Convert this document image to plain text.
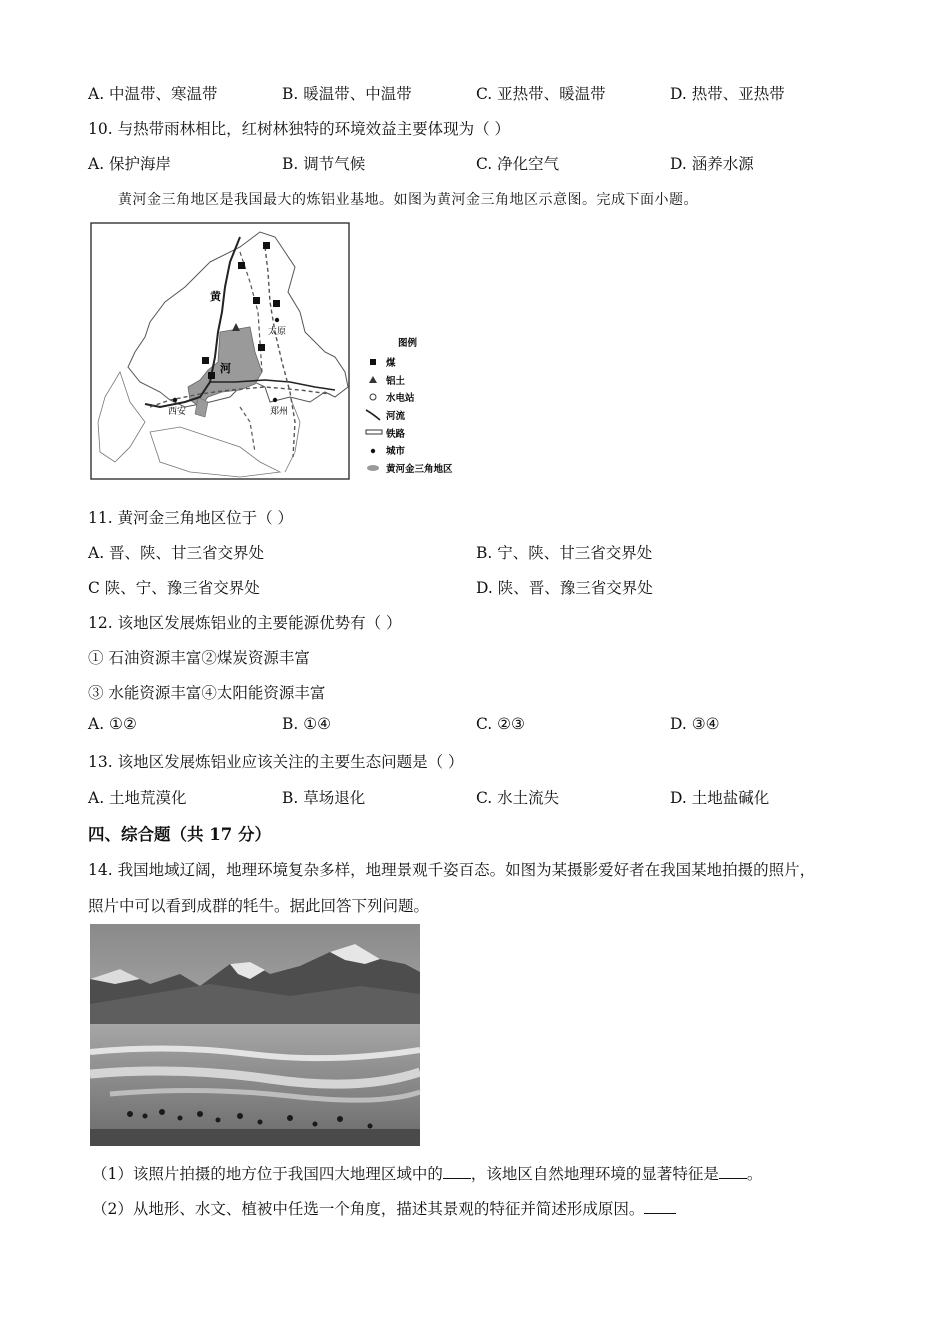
A. 中温带、寒温带	B. 暖温带、中温带	C. 亚热带、暖温带	D. 热带、亚热带
10. 与热带雨林相比，红树林独特的环境效益主要体现为（ ）
A. 保护海岸	B. 调节气候	C. 净化空气	D. 涵养水源
黄河金三角地区是我国最大的炼铝业基地。如图为黄河金三角地区示意图。完成下面小题。
黄
河
太原
西安	郑州
图例
煤
铝土
水电站
河流
铁路
城市
黄河金三角地区
11. 黄河金三角地区位于（ ）
A. 晋、陕、甘三省交界处	B. 宁、陕、甘三省交界处
C 陕、宁、豫三省交界处	D. 陕、晋、豫三省交界处
12. 该地区发展炼铝业的主要能源优势有（ ）
① 石油资源丰富②煤炭资源丰富
③ 水能资源丰富④太阳能资源丰富
A. ①②	B. ①④	C. ②③	D. ③④
13. 该地区发展炼铝业应该关注的主要生态问题是（ ）
A. 土地荒漠化	B. 草场退化	C. 水土流失	D. 土地盐碱化
四、综合题（共 17 分）
14. 我国地域辽阔，地理环境复杂多样，地理景观千姿百态。如图为某摄影爱好者在我国某地拍摄的照片，
照片中可以看到成群的牦牛。据此回答下列问题。
（1）该照片拍摄的地方位于我国四大地理区域中的 ，该地区自然地理环境的显著特征是 。
（2）从地形、水文、植被中任选一个角度，描述其景观的特征并简述形成原因。
